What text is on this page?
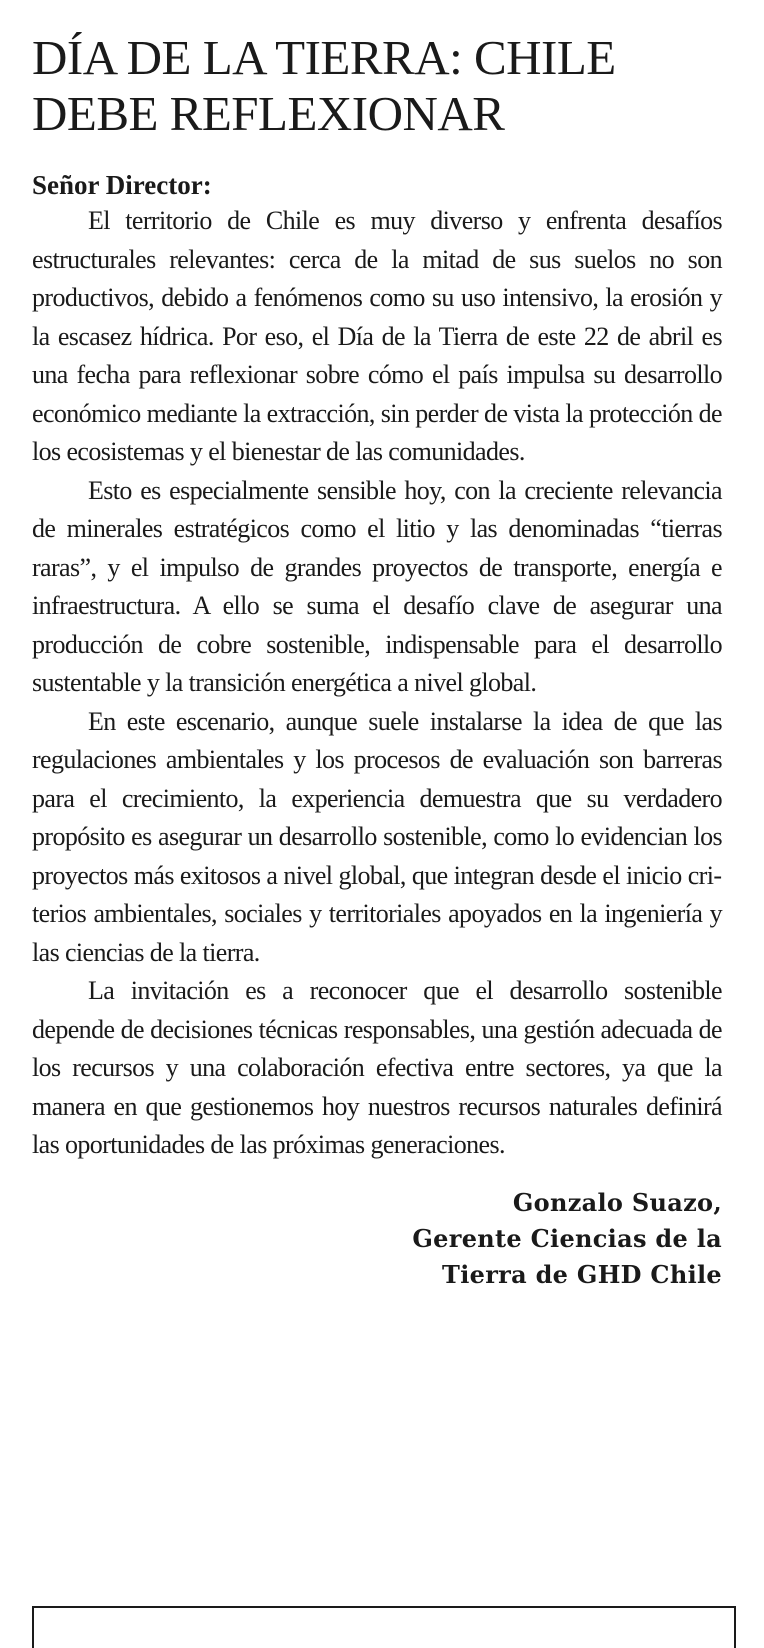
DÍA DE LA TIERRA: CHILE DEBE REFLEXIONAR
Señor Director:

El territorio de Chile es muy diverso y enfrenta desafíos estructurales relevantes: cerca de la mitad de sus suelos no son productivos, debido a fenómenos como su uso intensivo, la erosión y la escasez hídrica. Por eso, el Día de la Tierra de este 22 de abril es una fecha para reflexionar sobre cómo el país impulsa su desarrollo económico mediante la extracción, sin perder de vista la protección de los ecosistemas y el bienestar de las comunidades.

Esto es especialmente sensible hoy, con la creciente relevancia de minerales estratégicos como el litio y las denominadas “tierras raras”, y el impulso de grandes proyectos de transporte, energía e infraestructura. A ello se suma el desafío clave de asegurar una producción de cobre sostenible, indispensable para el desarrollo sustentable y la transición energética a nivel global.

En este escenario, aunque suele instalarse la idea de que las regulaciones ambientales y los procesos de evaluación son barreras para el crecimiento, la experiencia demuestra que su verdadero propósito es asegurar un desarrollo sostenible, como lo evidencian los proyectos más exitosos a nivel global, que integran desde el inicio criterios ambientales, sociales y territoriales apoyados en la ingeniería y las ciencias de la tierra.

La invitación es a reconocer que el desarrollo sostenible depende de decisiones técnicas responsables, una gestión adecuada de los recursos y una colaboración efectiva entre sectores, ya que la manera en que gestionemos hoy nuestros recursos naturales definirá las oportunidades de las próximas generaciones.

Gonzalo Suazo,
Gerente Ciencias de la
Tierra de GHD Chile
